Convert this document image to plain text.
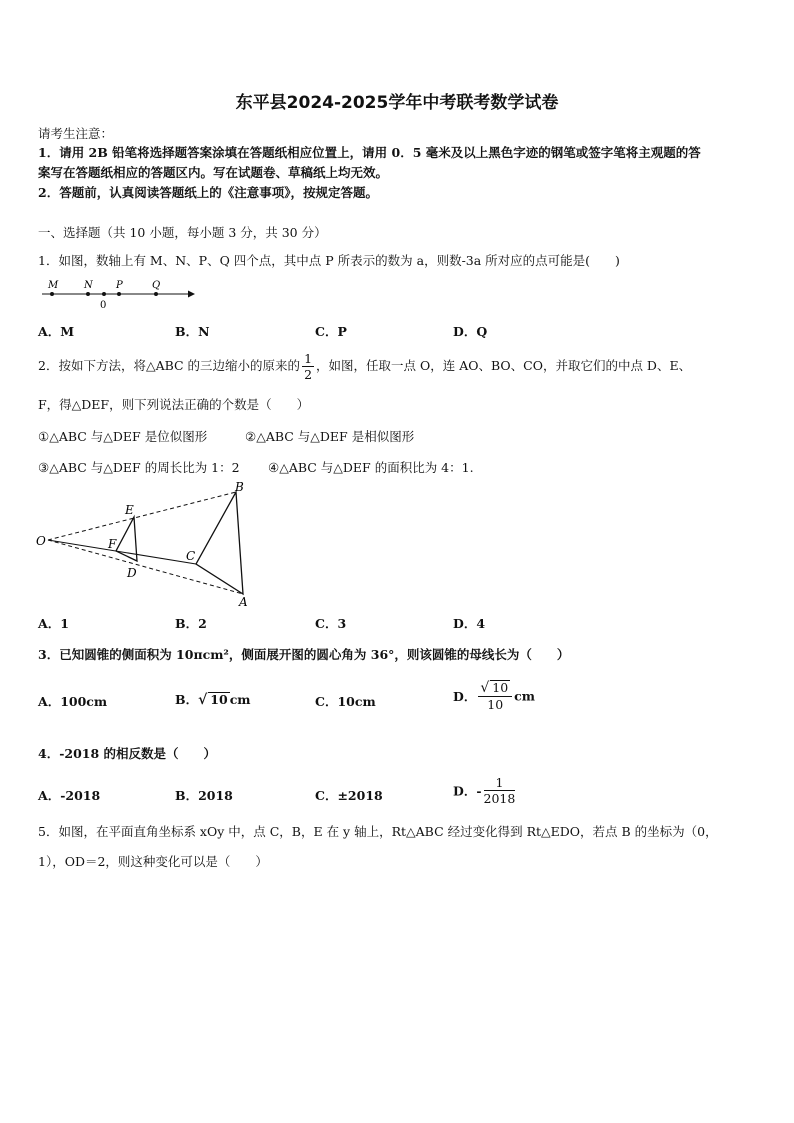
东平县2024-2025学年中考联考数学试卷
请考生注意：
1．请用 2B 铅笔将选择题答案涂填在答题纸相应位置上，请用 0．5 毫米及以上黑色字迹的钢笔或签字笔将主观题的答
案写在答题纸相应的答题区内。写在试题卷、草稿纸上均无效。
2．答题前，认真阅读答题纸上的《注意事项》，按规定答题。
一、选择题（共 10 小题，每小题 3 分，共 30 分）
1．如图，数轴上有 M、N、P、Q 四个点，其中点 P 所表示的数为 a，则数-3a 所对应的点可能是(　　)
M	N P	Q
0
A．M	B．N	C．P	D．Q
2．按如下方法，将△ABC 的三边缩小的原来的 $\frac{1}{2}$ ，如图，任取一点 O，连 AO、BO、CO，并取它们的中点 D、E、
F，得△DEF，则下列说法正确的个数是（　　）
①△ABC 与△DEF 是位似图形	②△ABC 与△DEF 是相似图形
③△ABC 与△DEF 的周长比为 1：2 ④△ABC 与△DEF 的面积比为 4：1.
O
B
A
C
E
F
D
A．1	B．2	C．3	D．4
3．已知圆锥的侧面积为 10πcm²，侧面展开图的圆心角为 36°，则该圆锥的母线长为（　　）
A．100cm	B．√ 10 cm	C．10cm	D． $\frac{√ 10}{10}$ cm
4．-2018 的相反数是（　　）
A．-2018	B．2018	C．±2018	D．- $\frac{1}{2018}$
5．如图，在平面直角坐标系 xOy 中，点 C，B，E 在 y 轴上，Rt△ABC 经过变化得到 Rt△EDO，若点 B 的坐标为（0，
1），OD＝2，则这种变化可以是（　　）
